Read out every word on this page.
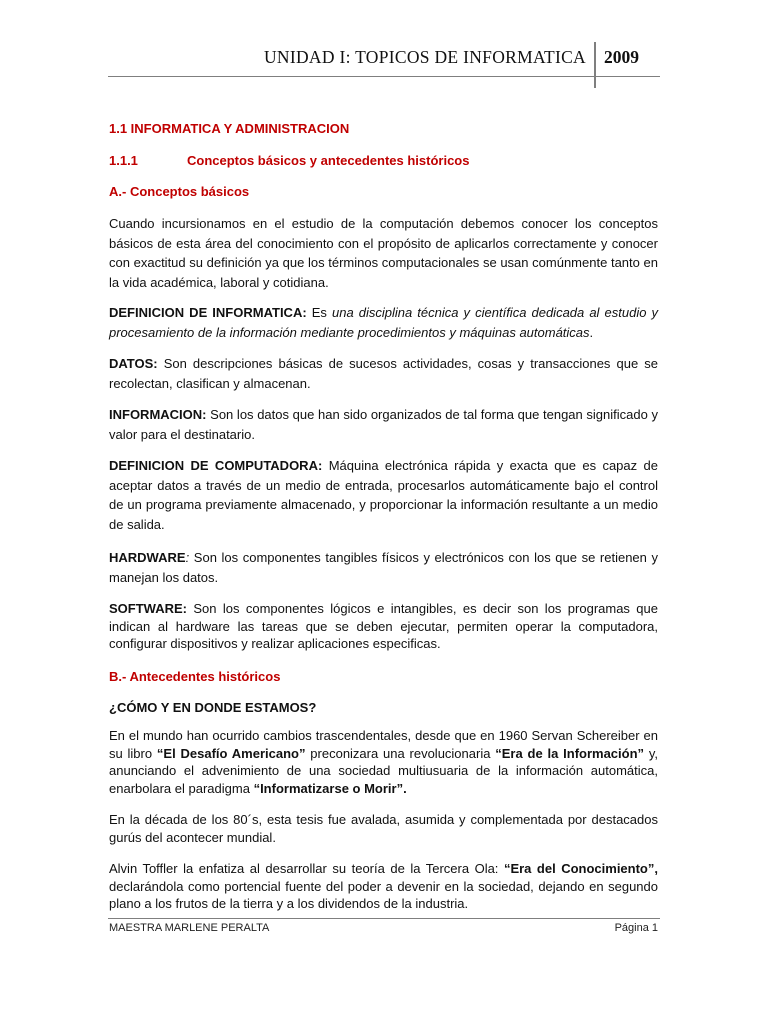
UNIDAD I: TOPICOS DE INFORMATICA 2009
1.1 INFORMATICA Y ADMINISTRACION
1.1.1	Conceptos básicos y antecedentes históricos
A.- Conceptos básicos
Cuando incursionamos en el estudio de la computación debemos conocer los conceptos básicos de esta área del conocimiento con el propósito de aplicarlos correctamente y conocer con exactitud su definición ya que los términos computacionales se usan comúnmente tanto en la vida académica, laboral y cotidiana.
DEFINICION DE INFORMATICA: Es una disciplina técnica y científica dedicada al estudio y procesamiento de la información mediante procedimientos y máquinas automáticas.
DATOS: Son descripciones básicas de sucesos actividades, cosas y transacciones que se recolectan, clasifican y almacenan.
INFORMACION: Son los datos que han sido organizados de tal forma que tengan significado y valor para el destinatario.
DEFINICION DE COMPUTADORA: Máquina electrónica rápida y exacta que es capaz de aceptar datos a través de un medio de entrada, procesarlos automáticamente bajo el control de un programa previamente almacenado, y proporcionar la información resultante a un medio de salida.
HARDWARE: Son los componentes tangibles físicos y electrónicos con los que se retienen y manejan los datos.
SOFTWARE: Son los componentes lógicos e intangibles, es decir son los programas que indican al hardware las tareas que se deben ejecutar, permiten operar la computadora, configurar dispositivos y realizar aplicaciones especificas.
B.- Antecedentes históricos
¿CÓMO Y EN DONDE ESTAMOS?
En el mundo han ocurrido cambios trascendentales, desde que en 1960 Servan Schereiber en su libro “El Desafío Americano” preconizara una revolucionaria “Era de la Información” y, anunciando el advenimiento de una sociedad multiusuaria de la información automática, enarbolara el paradigma “Informatizarse o Morir”.
En la década de los 80´s, esta tesis fue avalada, asumida y complementada por destacados gurús del acontecer mundial.
Alvin Toffler la enfatiza al desarrollar su teoría de la Tercera Ola: “Era del Conocimiento”, declarándola como portencial fuente del poder a devenir en la sociedad, dejando en segundo plano a los frutos de la tierra y a los dividendos de la industria.
MAESTRA MARLENE PERALTA	Página 1
